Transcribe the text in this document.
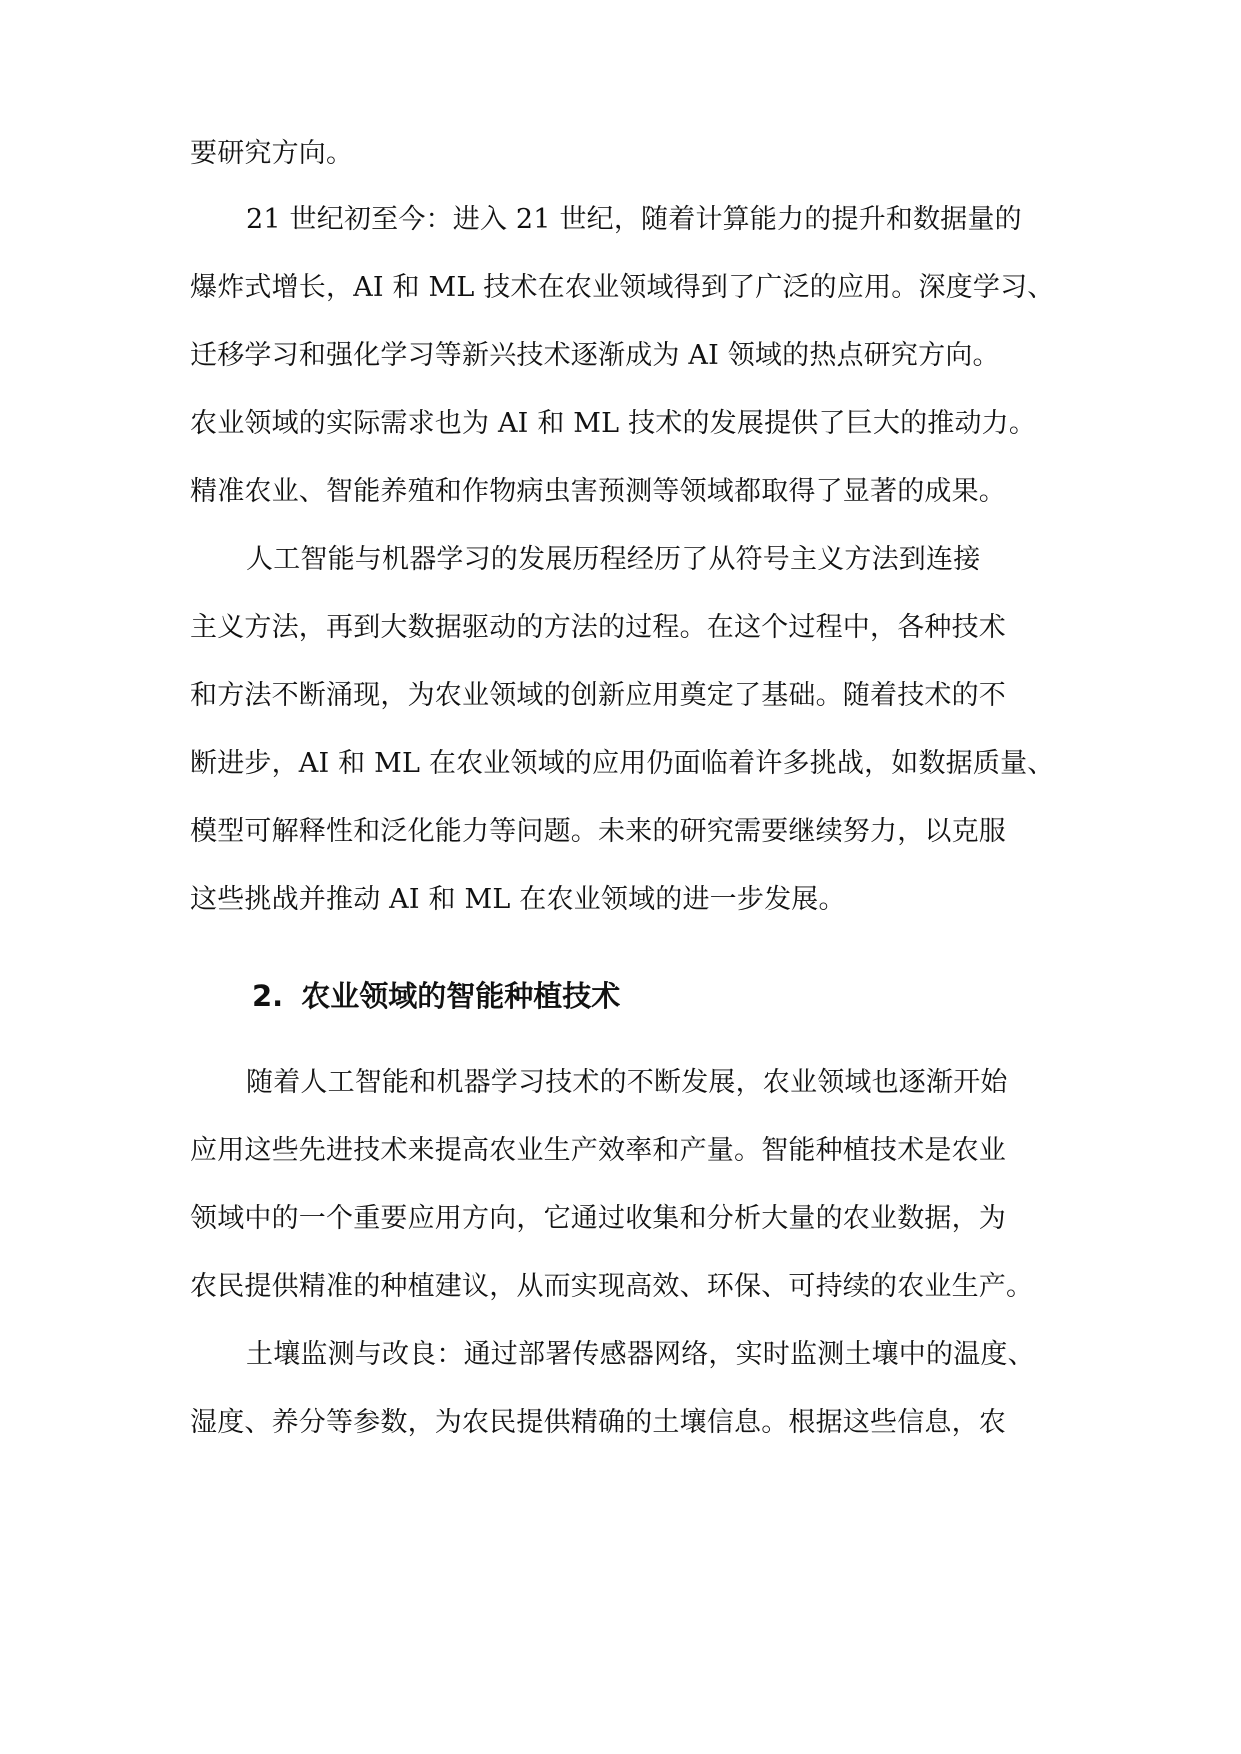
要研究方向。
21 世纪初至今：进入 21 世纪，随着计算能力的提升和数据量的
爆炸式增长，AI 和 ML 技术在农业领域得到了广泛的应用。深度学习、
迁移学习和强化学习等新兴技术逐渐成为 AI 领域的热点研究方向。
农业领域的实际需求也为 AI 和 ML 技术的发展提供了巨大的推动力。
精准农业、智能养殖和作物病虫害预测等领域都取得了显著的成果。
人工智能与机器学习的发展历程经历了从符号主义方法到连接
主义方法，再到大数据驱动的方法的过程。在这个过程中，各种技术
和方法不断涌现，为农业领域的创新应用奠定了基础。随着技术的不
断进步，AI 和 ML 在农业领域的应用仍面临着许多挑战，如数据质量、
模型可解释性和泛化能力等问题。未来的研究需要继续努力，以克服
这些挑战并推动 AI 和 ML 在农业领域的进一步发展。
2. 农业领域的智能种植技术
随着人工智能和机器学习技术的不断发展，农业领域也逐渐开始
应用这些先进技术来提高农业生产效率和产量。智能种植技术是农业
领域中的一个重要应用方向，它通过收集和分析大量的农业数据，为
农民提供精准的种植建议，从而实现高效、环保、可持续的农业生产。
土壤监测与改良：通过部署传感器网络，实时监测土壤中的温度、
湿度、养分等参数，为农民提供精确的土壤信息。根据这些信息，农
